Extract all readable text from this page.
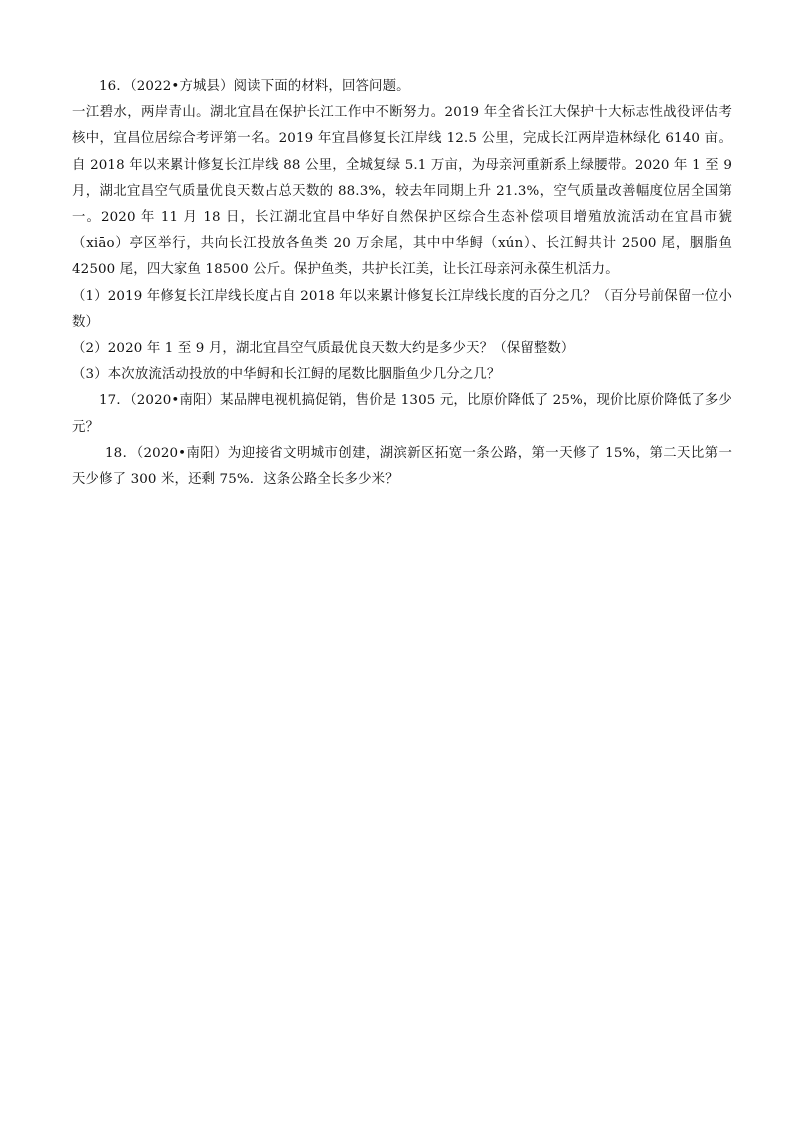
16．（2022•方城县）阅读下面的材料，回答问题。

一江碧水，两岸青山。湖北宜昌在保护长江工作中不断努力。2019 年全省长江大保护十大标志性战役评估考核中，宜昌位居综合考评第一名。2019 年宜昌修复长江岸线 12.5 公里，完成长江两岸造林绿化 6140 亩。自 2018 年以来累计修复长江岸线 88 公里，全城复绿 5.1 万亩，为母亲河重新系上绿腰带。2020 年 1 至 9 月，湖北宜昌空气质量优良天数占总天数的 88.3%，较去年同期上升 21.3%，空气质量改善幅度位居全国第一。2020 年 11 月 18 日，长江湖北宜昌中华好自然保护区综合生态补偿项目增殖放流活动在宜昌市猇（xiāo）亭区举行，共向长江投放各鱼类 20 万余尾，其中中华鲟（xún）、长江鲟共计 2500 尾，胭脂鱼 42500 尾，四大家鱼 18500 公斤。保护鱼类，共护长江美，让长江母亲河永葆生机活力。

（1）2019 年修复长江岸线长度占自 2018 年以来累计修复长江岸线长度的百分之几？（百分号前保留一位小数）

（2）2020 年 1 至 9 月，湖北宜昌空气质最优良天数大约是多少天？（保留整数）

（3）本次放流活动投放的中华鲟和长江鲟的尾数比胭脂鱼少几分之几？

17．（2020•南阳）某品牌电视机搞促销，售价是 1305 元，比原价降低了 25%，现价比原价降低了多少元？

18．（2020•南阳）为迎接省文明城市创建，湖滨新区拓宽一条公路，第一天修了 15%，第二天比第一天少修了 300 米，还剩 75%．这条公路全长多少米？
